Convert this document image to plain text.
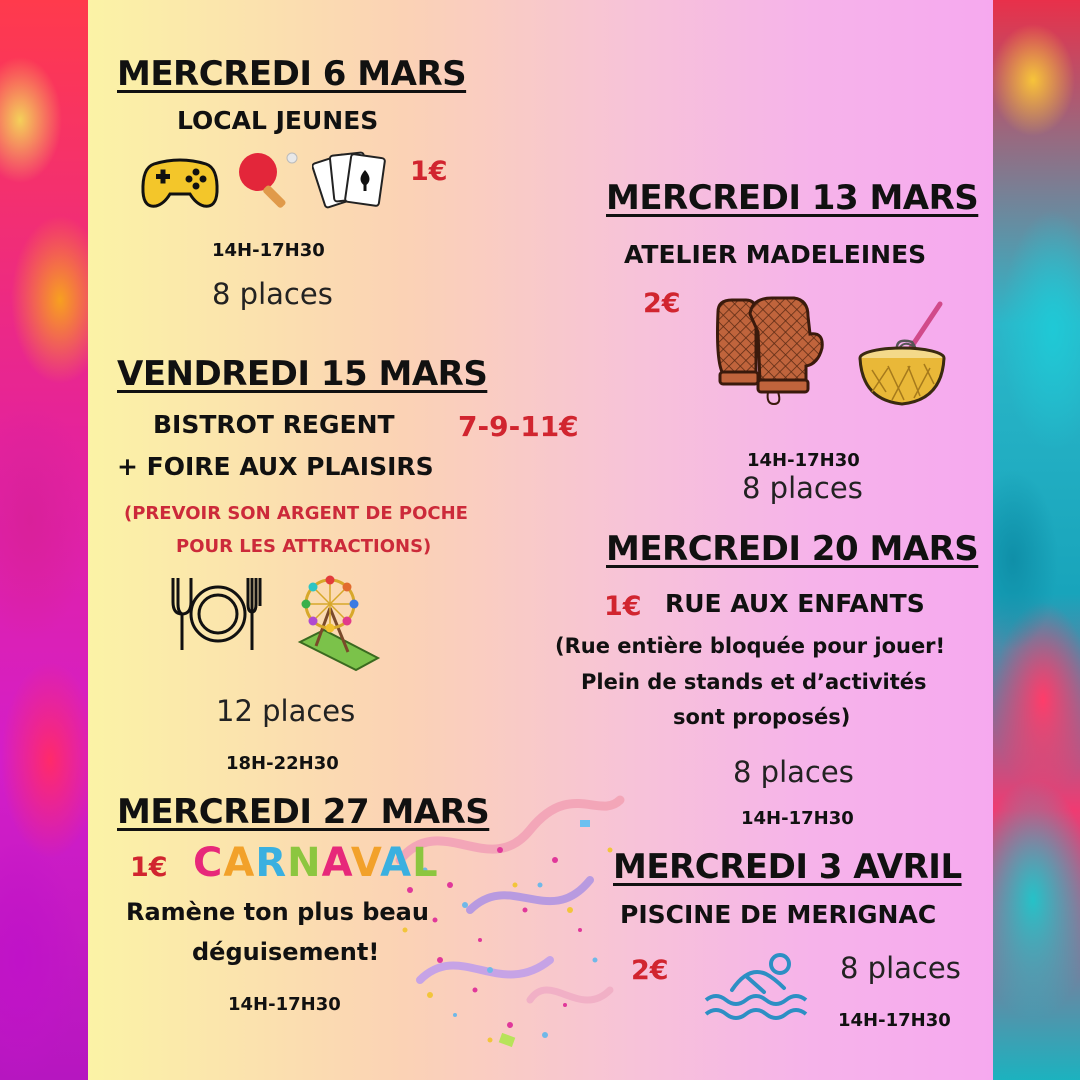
MERCREDI 6 MARS
LOCAL JEUNES
1€
14H-17H30
8 places
MERCREDI 13 MARS
ATELIER MADELEINES
2€
14H-17H30
8 places
VENDREDI 15 MARS
BISTROT REGENT 7-9-11€
+ FOIRE AUX PLAISIRS
(PREVOIR SON ARGENT DE POCHE
POUR LES ATTRACTIONS)
12 places
18H-22H30
MERCREDI 20 MARS
1€ RUE AUX ENFANTS
(Rue entière bloquée pour jouer!
Plein de stands et d’activités
sont proposés)
8 places
14H-17H30
MERCREDI 27 MARS
1€ CARNAVAL
Ramène ton plus beau
déguisement!
14H-17H30
MERCREDI 3 AVRIL
PISCINE DE MERIGNAC
2€	8 places
14H-17H30
